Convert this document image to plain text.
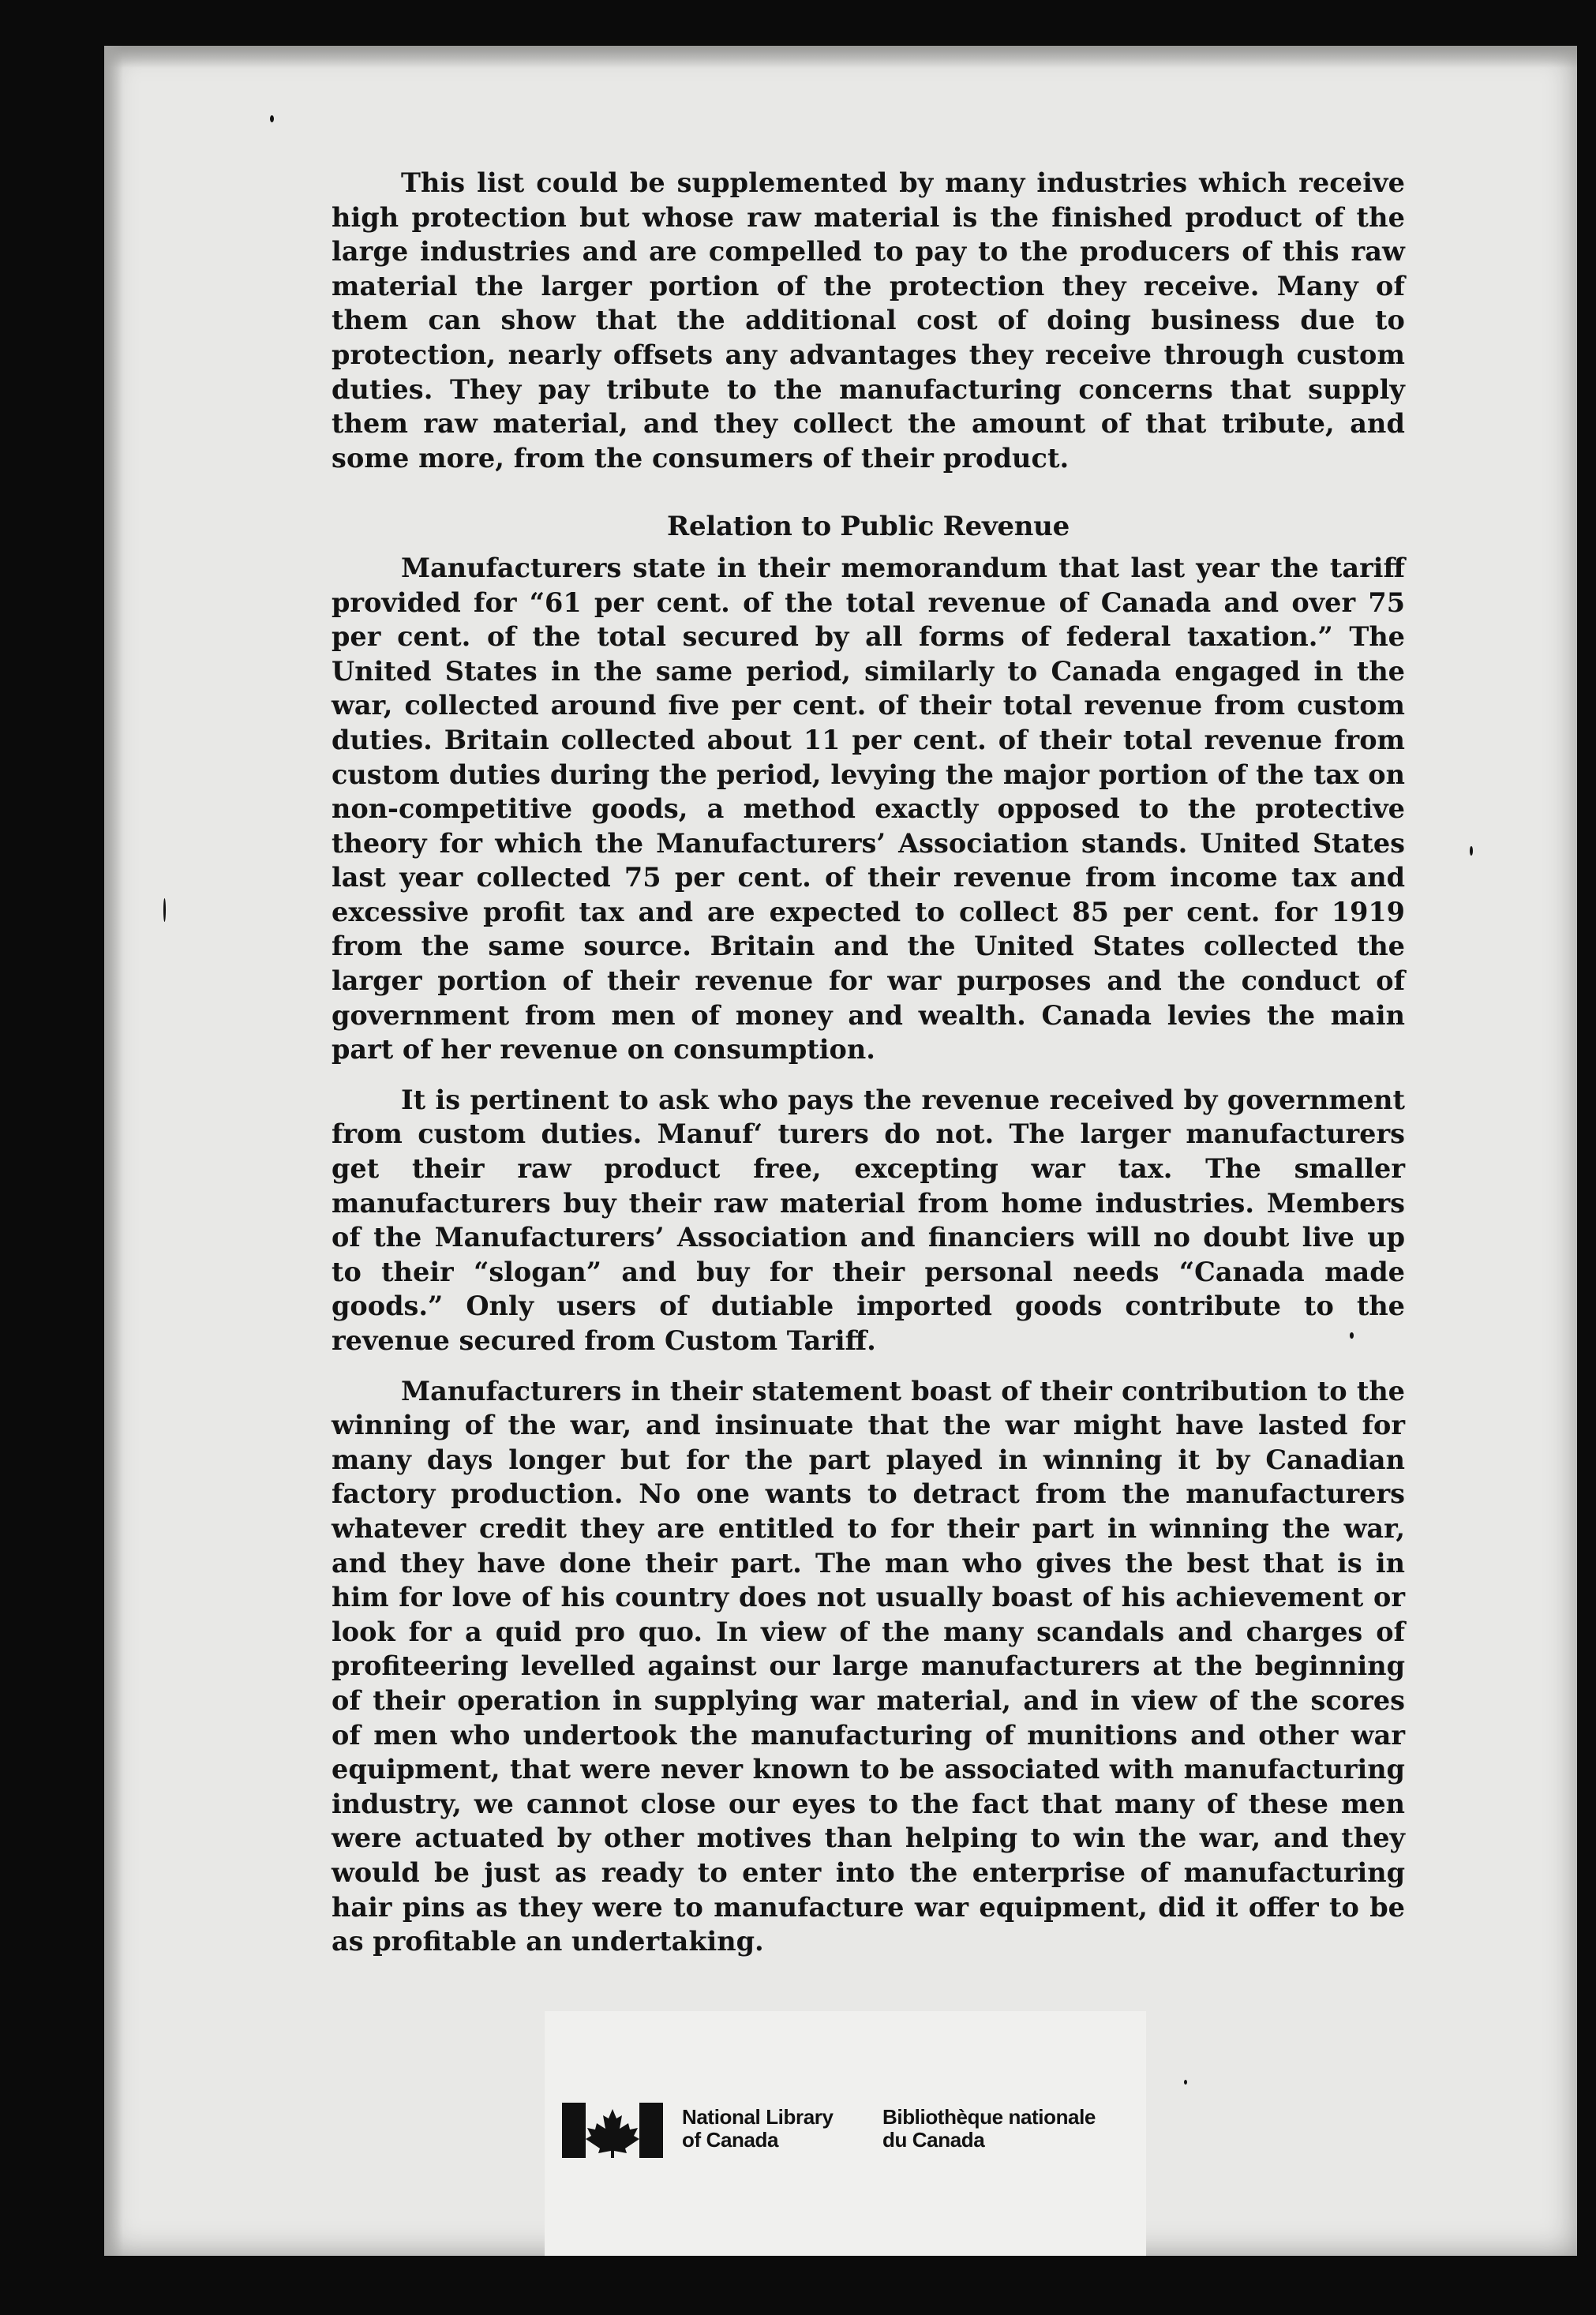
This list could be supplemented by many industries which receive high protection but whose raw material is the finished product of the large industries and are compelled to pay to the producers of this raw material the larger portion of the protection they receive. Many of them can show that the additional cost of doing business due to protection, nearly offsets any advantages they receive through custom duties. They pay tribute to the manufacturing concerns that supply them raw material, and they collect the amount of that tribute, and some more, from the consumers of their product.

Relation to Public Revenue

Manufacturers state in their memorandum that last year the tariff provided for “61 per cent. of the total revenue of Canada and over 75 per cent. of the total secured by all forms of federal taxation.” The United States in the same period, similarly to Canada engaged in the war, collected around five per cent. of their total revenue from custom duties. Britain collected about 11 per cent. of their total revenue from custom duties during the period, levying the major portion of the tax on non-competitive goods, a method exactly opposed to the protective theory for which the Manufacturers’ Association stands. United States last year collected 75 per cent. of their revenue from income tax and excessive profit tax and are expected to collect 85 per cent. for 1919 from the same source. Britain and the United States collected the larger portion of their revenue for war purposes and the conduct of government from men of money and wealth. Canada levies the main part of her revenue on consumption.

It is pertinent to ask who pays the revenue received by government from custom duties. Manuf‘ turers do not. The larger manufacturers get their raw product free, excepting war tax. The smaller manufacturers buy their raw material from home industries. Members of the Manufacturers’ Association and financiers will no doubt live up to their “slogan” and buy for their personal needs “Canada made goods.” Only users of dutiable imported goods contribute to the revenue secured from Custom Tariff.

Manufacturers in their statement boast of their contribution to the winning of the war, and insinuate that the war might have lasted for many days longer but for the part played in winning it by Canadian factory production. No one wants to detract from the manufacturers whatever credit they are entitled to for their part in winning the war, and they have done their part. The man who gives the best that is in him for love of his country does not usually boast of his achievement or look for a quid pro quo. In view of the many scandals and charges of profiteering levelled against our large manufacturers at the beginning of their operation in supplying war material, and in view of the scores of men who undertook the manufacturing of munitions and other war equipment, that were never known to be associated with manufacturing industry, we cannot close our eyes to the fact that many of these men were actuated by other motives than helping to win the war, and they would be just as ready to enter into the enterprise of manufacturing hair pins as they were to manufacture war equipment, did it offer to be as profitable an undertaking.

National Library
of Canada
Bibliothèque nationale
du Canada
